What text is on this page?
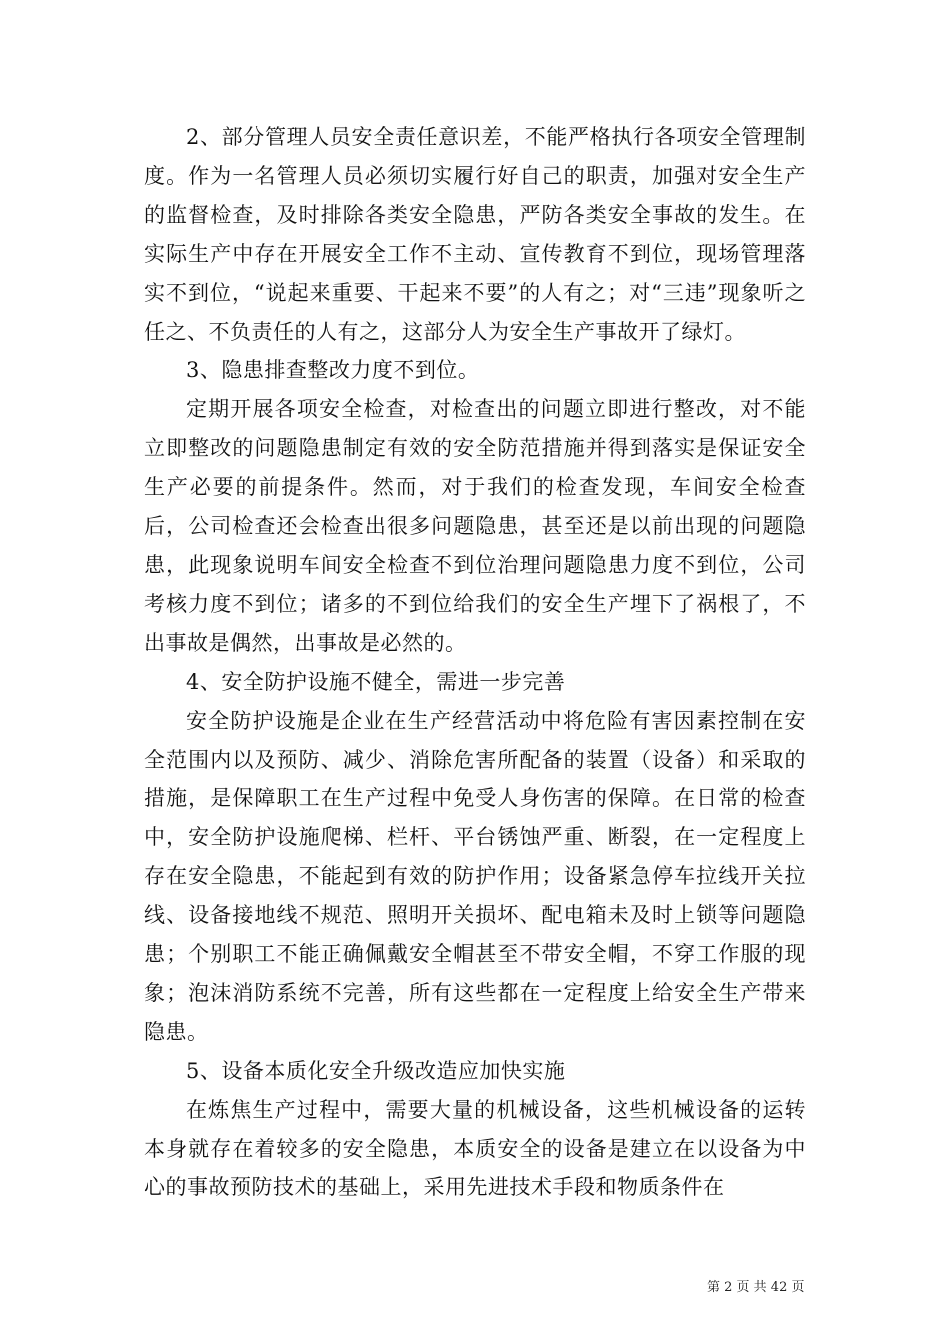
2、部分管理人员安全责任意识差，不能严格执行各项安全管理制度。作为一名管理人员必须切实履行好自己的职责，加强对安全生产的监督检查，及时排除各类安全隐患，严防各类安全事故的发生。在实际生产中存在开展安全工作不主动、宣传教育不到位，现场管理落实不到位，“说起来重要、干起来不要”的人有之；对“三违”现象听之任之、不负责任的人有之，这部分人为安全生产事故开了绿灯。

3、隐患排查整改力度不到位。

定期开展各项安全检查，对检查出的问题立即进行整改，对不能立即整改的问题隐患制定有效的安全防范措施并得到落实是保证安全生产必要的前提条件。然而，对于我们的检查发现，车间安全检查后，公司检查还会检查出很多问题隐患，甚至还是以前出现的问题隐患，此现象说明车间安全检查不到位治理问题隐患力度不到位，公司考核力度不到位；诸多的不到位给我们的安全生产埋下了祸根了，不出事故是偶然，出事故是必然的。

4、安全防护设施不健全，需进一步完善

安全防护设施是企业在生产经营活动中将危险有害因素控制在安全范围内以及预防、减少、消除危害所配备的装置（设备）和采取的措施，是保障职工在生产过程中免受人身伤害的保障。在日常的检查中，安全防护设施爬梯、栏杆、平台锈蚀严重、断裂，在一定程度上存在安全隐患，不能起到有效的防护作用；设备紧急停车拉线开关拉线、设备接地线不规范、照明开关损坏、配电箱未及时上锁等问题隐患；个别职工不能正确佩戴安全帽甚至不带安全帽，不穿工作服的现象；泡沫消防系统不完善，所有这些都在一定程度上给安全生产带来隐患。

5、设备本质化安全升级改造应加快实施

在炼焦生产过程中，需要大量的机械设备，这些机械设备的运转本身就存在着较多的安全隐患，本质安全的设备是建立在以设备为中心的事故预防技术的基础上，采用先进技术手段和物质条件在

第 2 页 共 42 页
